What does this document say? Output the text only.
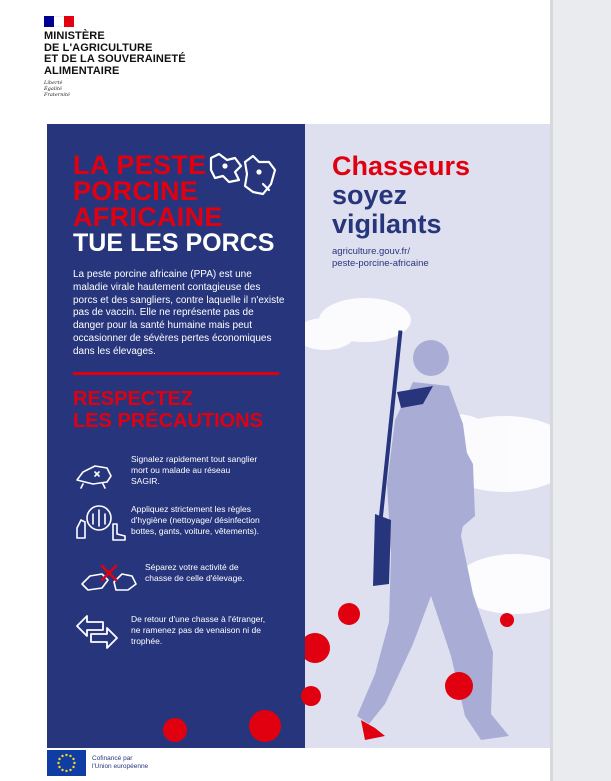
MINISTÈRE
DE L'AGRICULTURE
ET DE LA SOUVERAINETÉ
ALIMENTAIRE
Liberté
Égalité
Fraternité
LA PESTE
PORCINE
AFRICAINE
TUE LES PORCS
La peste porcine africaine (PPA) est une maladie virale hautement contagieuse des porcs et des sangliers, contre laquelle il n'existe pas de vaccin. Elle ne représente pas de danger pour la santé humaine mais peut occasionner de sévères pertes économiques dans les élevages.
RESPECTEZ
LES PRÉCAUTIONS
Signalez rapidement tout sanglier mort ou malade au réseau SAGIR.
Appliquez strictement les règles d'hygiène (nettoyage/ désinfection bottes, gants, voiture, vêtements).
Séparez votre activité de chasse de celle d'élevage.
De retour d'une chasse à l'étranger, ne ramenez pas de venaison ni de trophée.
Chasseurs
soyez
vigilants
agriculture.gouv.fr/
peste-porcine-africaine
Cofinancé par
l'Union européenne
